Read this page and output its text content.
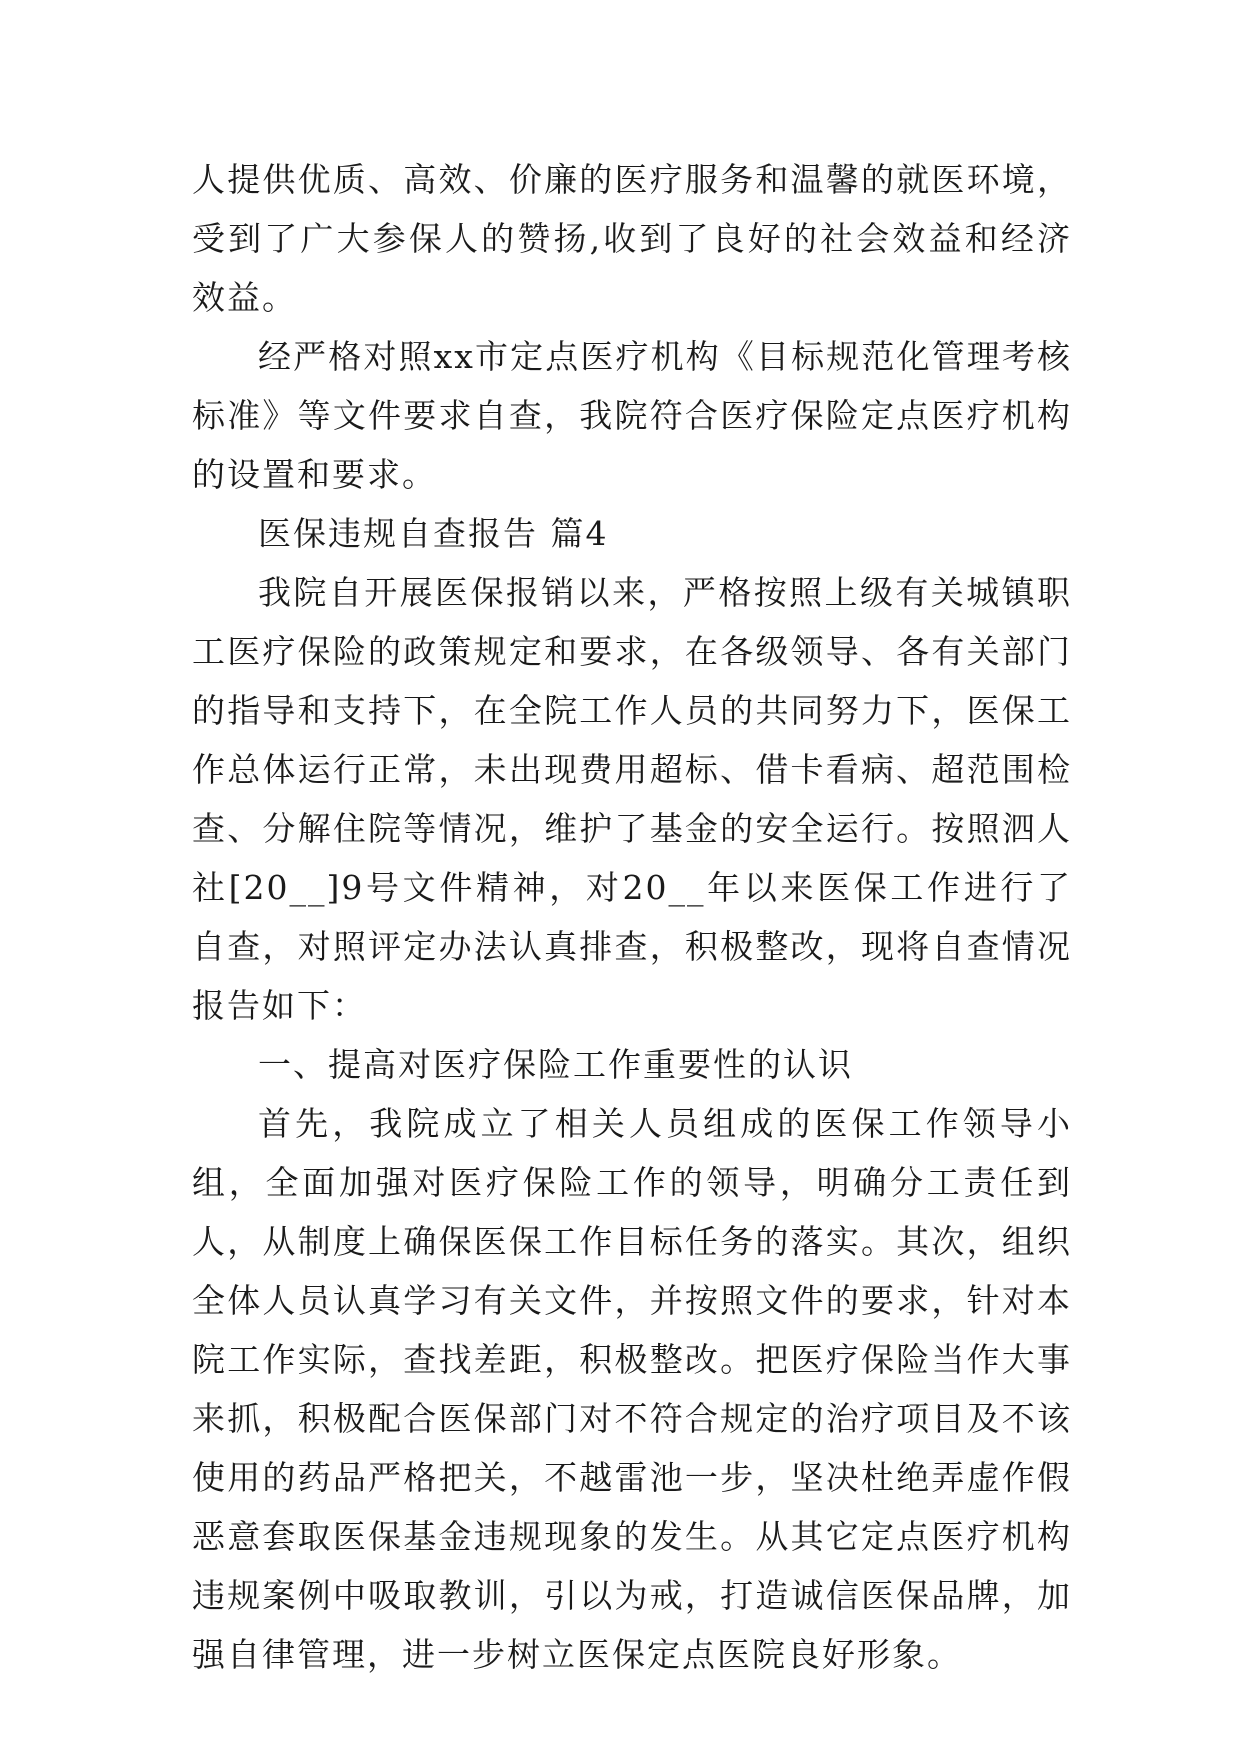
人提供优质、高效、价廉的医疗服务和温馨的就医环境，受到了广大参保人的赞扬,收到了良好的社会效益和经济效益。

经严格对照xx市定点医疗机构《目标规范化管理考核标准》等文件要求自查，我院符合医疗保险定点医疗机构的设置和要求。

医保违规自查报告 篇4

我院自开展医保报销以来，严格按照上级有关城镇职工医疗保险的政策规定和要求，在各级领导、各有关部门的指导和支持下，在全院工作人员的共同努力下，医保工作总体运行正常，未出现费用超标、借卡看病、超范围检查、分解住院等情况，维护了基金的安全运行。按照泗人社[20__]9号文件精神，对20__年以来医保工作进行了自查，对照评定办法认真排查，积极整改，现将自查情况报告如下：

一、提高对医疗保险工作重要性的认识

首先，我院成立了相关人员组成的医保工作领导小组，全面加强对医疗保险工作的领导，明确分工责任到人，从制度上确保医保工作目标任务的落实。其次，组织全体人员认真学习有关文件，并按照文件的要求，针对本院工作实际，查找差距，积极整改。把医疗保险当作大事来抓，积极配合医保部门对不符合规定的治疗项目及不该使用的药品严格把关，不越雷池一步，坚决杜绝弄虚作假恶意套取医保基金违规现象的发生。从其它定点医疗机构违规案例中吸取教训，引以为戒，打造诚信医保品牌，加强自律管理，进一步树立医保定点医院良好形象。
